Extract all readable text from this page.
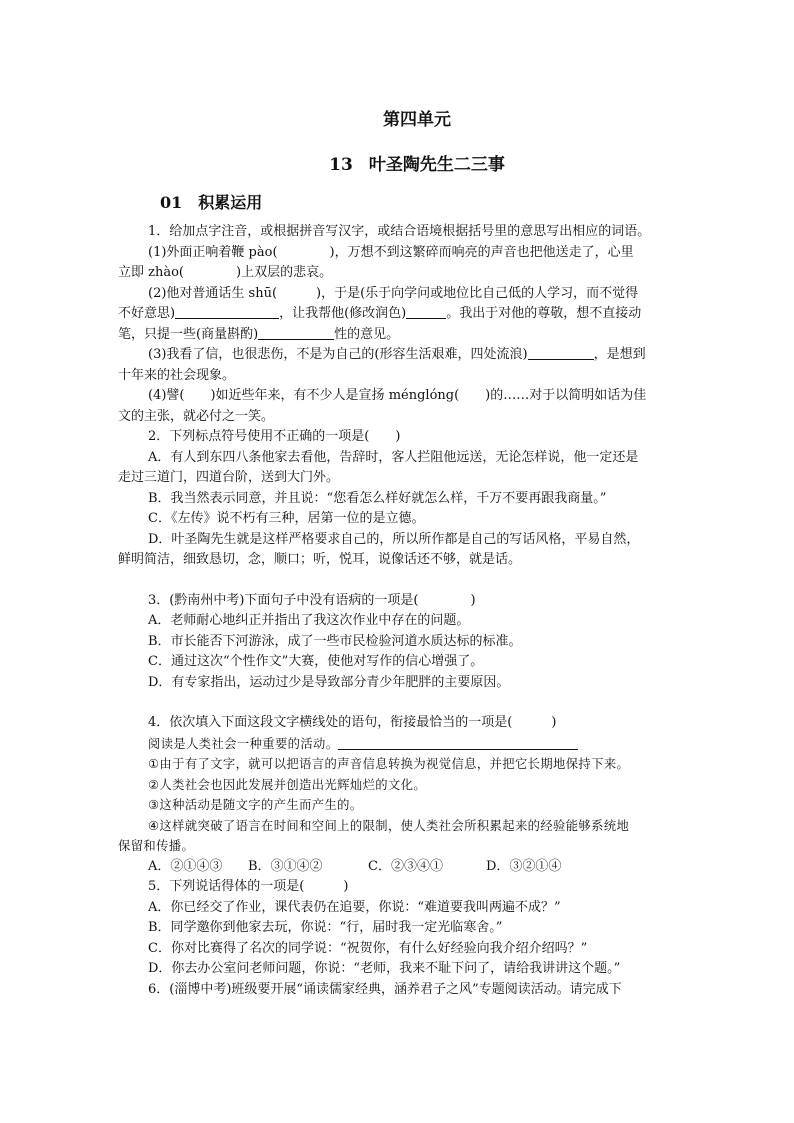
第四单元
13 叶圣陶先生二三事
01 积累运用
1．给加点字注音，或根据拼音写汉字，或结合语境根据括号里的意思写出相应的词语。
(1)外面正响着鞭 pào(　　　　)，万想不到这繁碎而响亮的声音也把他送走了，心里
立即 zhào(　　　　)上双层的悲哀。
(2)他对普通话生 shū(　　　)，于是(乐于向学问或地位比自己低的人学习，而不觉得
不好意思)	，让我帮他(修改润色)	。我出于对他的尊敬，想不直接动
笔，只提一些(商量斟酌)	性的意见。
(3)我看了信，也很悲伤，不是为自己的(形容生活艰难，四处流浪)	，是想到
十年来的社会现象。
(4)譬(　　)如近些年来，有不少人是宣扬 ménglóng(　　)的……对于以简明如话为佳
文的主张，就必付之一笑。
2．下列标点符号使用不正确的一项是(　　)
A．有人到东四八条他家去看他，告辞时，客人拦阻他远送，无论怎样说，他一定还是
走过三道门，四道台阶，送到大门外。
B．我当然表示同意，并且说：“您看怎么样好就怎么样，千万不要再跟我商量。”
C．《左传》说不朽有三种，居第一位的是立德。
D．叶圣陶先生就是这样严格要求自己的，所以所作都是自己的写话风格，平易自然，
鲜明简洁，细致恳切，念，顺口；听，悦耳，说像话还不够，就是话。
3．(黔南州中考)下面句子中没有语病的一项是(　　　　)
A．老师耐心地纠正并指出了我这次作业中存在的问题。
B．市长能否下河游泳，成了一些市民检验河道水质达标的标准。
C．通过这次“个性作文”大赛，使他对写作的信心增强了。
D．有专家指出，运动过少是导致部分青少年肥胖的主要原因。
4．依次填入下面这段文字横线处的语句，衔接最恰当的一项是(　　　)
阅读是人类社会一种重要的活动。
①由于有了文字，就可以把语言的声音信息转换为视觉信息，并把它长期地保持下来。
②人类社会也因此发展并创造出光辉灿烂的文化。
③这种活动是随文字的产生而产生的。
④这样就突破了语言在时间和空间上的限制，使人类社会所积累起来的经验能够系统地
保留和传播。
A．②①④③ B．③①④②	C．②③④①	D．③②①④
5．下列说话得体的一项是(　　　)
A．你已经交了作业，课代表仍在追要，你说：“难道要我叫两遍不成？”
B．同学邀你到他家去玩，你说：“行，届时我一定光临寒舍。”
C．你对比赛得了名次的同学说：“祝贺你，有什么好经验向我介绍介绍吗？”
D．你去办公室问老师问题，你说：“老师，我来不耻下问了，请给我讲讲这个题。”
6．(淄博中考)班级要开展“诵读儒家经典，涵养君子之风”专题阅读活动。请完成下
